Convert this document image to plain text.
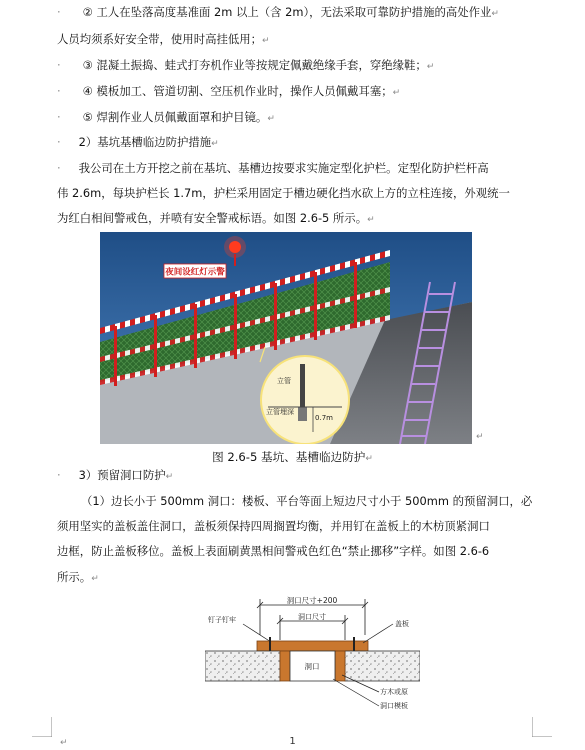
· ② 工人在坠落高度基准面 2m 以上（含 2m），无法采取可靠防护措施的高处作业↵

人员均须系好安全带，使用时高挂低用；↵

· ③ 混凝土振捣、蛙式打夯机作业等按规定佩戴绝缘手套，穿绝缘鞋；↵

· ④ 模板加工、管道切割、空压机作业时，操作人员佩戴耳塞；↵

· ⑤ 焊割作业人员佩戴面罩和护目镜。↵

· 2）基坑基槽临边防护措施↵

· 我公司在土方开挖之前在基坑、基槽边按要求实施定型化护栏。定型化防护栏杆高

伟 2.6m，每块护栏长 1.7m，护栏采用固定于槽边硬化挡水砍上方的立柱连接，外观统一

为红白相间警戒色，并喷有安全警戒标语。如图 2.6-5 所示。↵

夜间设红灯示警
立管
立管埋深
0.7m
↵
图 2.6-5 基坑、基槽临边防护↵

· 3）预留洞口防护↵

（1）边长小于 500mm 洞口：楼板、平台等面上短边尺寸小于 500mm 的预留洞口，必

须用坚实的盖板盖住洞口，盖板须保持四周搁置均衡，并用钉在盖板上的木枋顶紧洞口

边框，防止盖板移位。盖板上表面刷黄黑相间警戒色红色“禁止挪移”字样。如图 2.6-6

所示。↵

洞口尺寸+200
洞口尺寸
钉子钉牢	盖板
洞口
方木或原
洞口模板
↵	1
